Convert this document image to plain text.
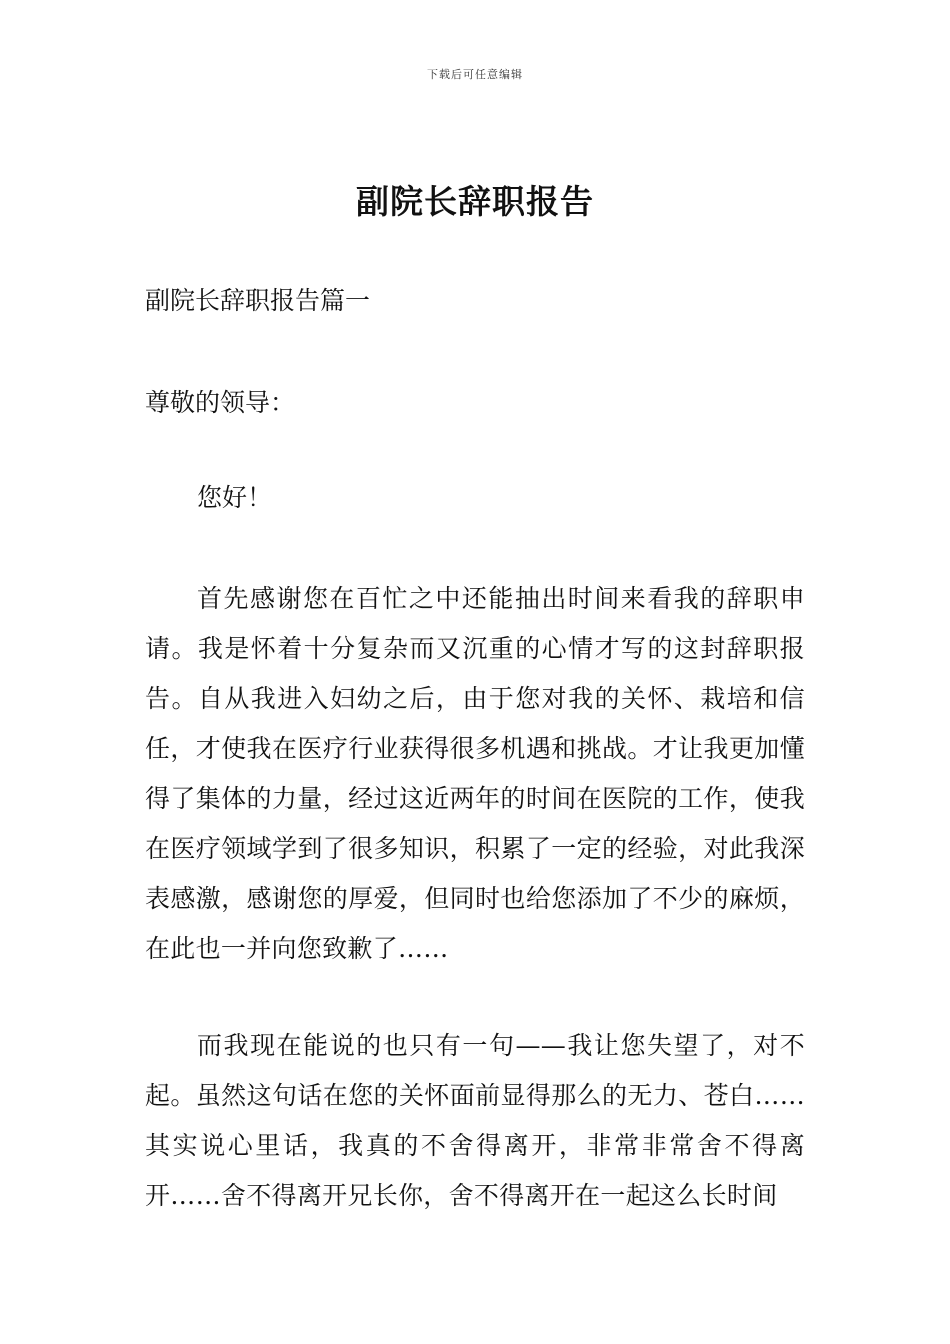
下载后可任意编辑
副院长辞职报告
副院长辞职报告篇一
尊敬的领导：
您好！
首先感谢您在百忙之中还能抽出时间来看我的辞职申请。我是怀着十分复杂而又沉重的心情才写的这封辞职报告。自从我进入妇幼之后，由于您对我的关怀、栽培和信任，才使我在医疗行业获得很多机遇和挑战。才让我更加懂得了集体的力量，经过这近两年的时间在医院的工作，使我在医疗领域学到了很多知识，积累了一定的经验，对此我深表感激，感谢您的厚爱，但同时也给您添加了不少的麻烦，在此也一并向您致歉了……
而我现在能说的也只有一句——我让您失望了，对不起。虽然这句话在您的关怀面前显得那么的无力、苍白……其实说心里话，我真的不舍得离开，非常非常舍不得离开……舍不得离开兄长你，舍不得离开在一起这么长时间
